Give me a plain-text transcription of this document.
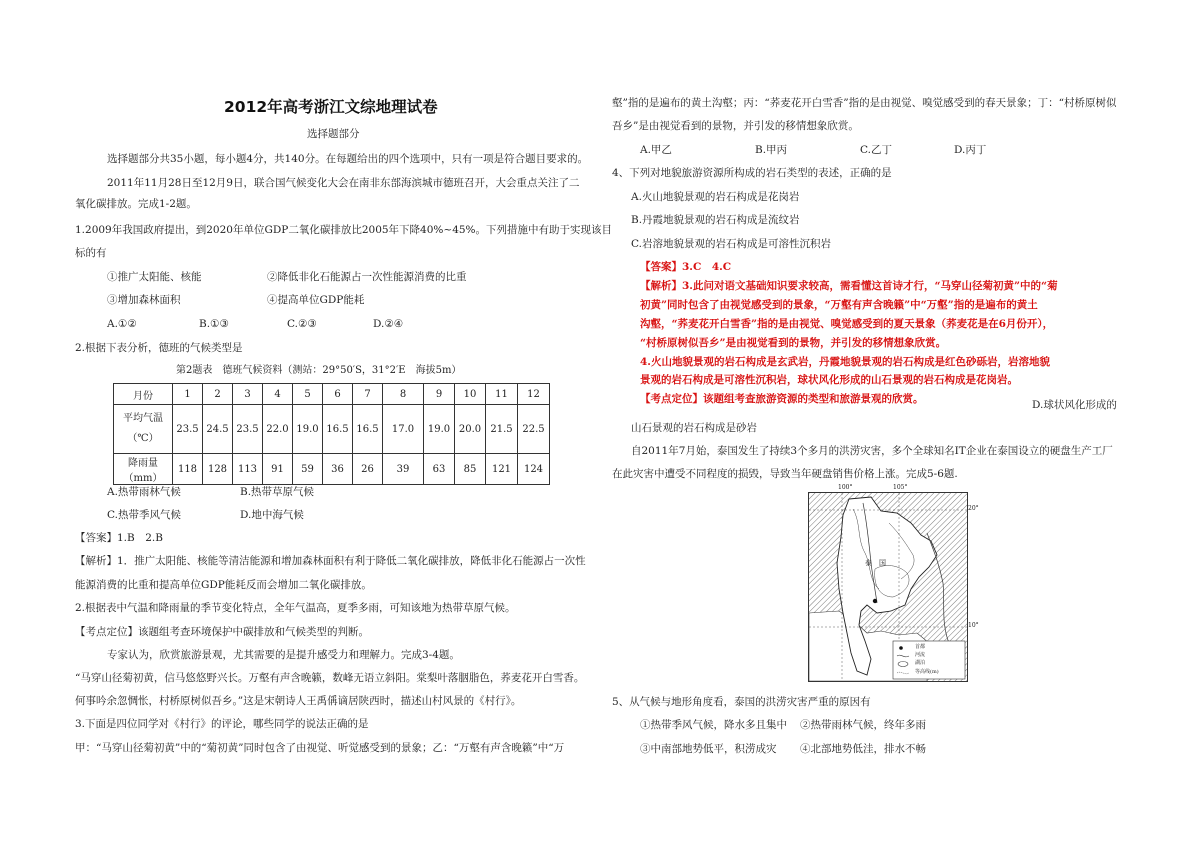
2012年高考浙江文综地理试卷
选择题部分
选择题部分共35小题，每小题4分，共140分。在每题给出的四个选项中，只有一项是符合题目要求的。
2011年11月28日至12月9日，联合国气候变化大会在南非东部海滨城市德班召开，大会重点关注了二
氧化碳排放。完成1-2题。
1.2009年我国政府提出，到2020年单位GDP二氧化碳排放比2005年下降40%~45%。下列措施中有助于实现该目
标的有
①推广太阳能、核能	②降低非化石能源占一次性能源消费的比重
③增加森林面积	④提高单位GDP能耗
A.①②	B.①③	C.②③	D.②④
2.根据下表分析，德班的气候类型是
第2题表　德班气候资料（测站：29°50′S，31°2′E　海拔5m）
月份	1	2	3	4	5	6	7	8	9	10	11	12

平均气温
（℃）	23.5	24.5	23.5	22.0	19.0	16.5	16.5	17.0	19.0	20.0	21.5	22.5
降雨量（mm）	118	128	113	91	59	36	26	39	63	85	121	124
A.热带雨林气候	B.热带草原气候
C.热带季风气候	D.地中海气候
【答案】1.B　2.B
【解析】1．推广太阳能、核能等清洁能源和增加森林面积有利于降低二氧化碳排放，降低非化石能源占一次性
能源消费的比重和提高单位GDP能耗反而会增加二氧化碳排放。
2.根据表中气温和降雨量的季节变化特点，全年气温高，夏季多雨，可知该地为热带草原气候。
【考点定位】该题组考查环境保护中碳排放和气候类型的判断。
专家认为，欣赏旅游景观，尤其需要的是提升感受力和理解力。完成3-4题。
“马穿山径菊初黄，信马悠悠野兴长。万壑有声含晚籁，数峰无语立斜阳。棠梨叶落胭脂色，荞麦花开白雪香。
何事吟余忽惆怅，村桥原树似吾乡。”这是宋朝诗人王禹偁谪居陕西时，描述山村风景的《村行》。
3.下面是四位同学对《村行》的评论，哪些同学的说法正确的是
甲：“马穿山径菊初黄”中的“菊初黄”同时包含了由视觉、听觉感受到的景象；乙：“万壑有声含晚籁”中“万
壑”指的是遍布的黄土沟壑；丙：“荞麦花开白雪香”指的是由视觉、嗅觉感受到的春天景象；丁：“村桥原树似
吾乡”是由视觉看到的景物，并引发的移情想象欣赏。
A.甲乙	B.甲丙	C.乙丁	D.丙丁
4、下列对地貌旅游资源所构成的岩石类型的表述，正确的是
A.火山地貌景观的岩石构成是花岗岩
B.丹霞地貌景观的岩石构成是流纹岩
C.岩溶地貌景观的岩石构成是可溶性沉积岩
【答案】3.C　4.C
【解析】3.此问对语文基础知识要求较高，需看懂这首诗才行，“马穿山径菊初黄”中的“菊
初黄”同时包含了由视觉感受到的景象，“万壑有声含晚籁”中“万壑”指的是遍布的黄土
沟壑，“荞麦花开白雪香”指的是由视觉、嗅觉感受到的夏天景象（荞麦花是在6月份开），
“村桥原树似吾乡”是由视觉看到的景物，并引发的移情想象欣赏。
4.火山地貌景观的岩石构成是玄武岩，丹霞地貌景观的岩石构成是红色砂砾岩，岩溶地貌
景观的岩石构成是可溶性沉积岩，球状风化形成的山石景观的岩石构成是花岗岩。
【考点定位】该题组考查旅游资源的类型和旅游景观的欣赏。	D.球状风化形成的
山石景观的岩石构成是砂岩
自2011年7月始，泰国发生了持续3个多月的洪涝灾害，多个全球知名IT企业在泰国设立的硬盘生产工厂
在此灾害中遭受不同程度的损毁，导致当年硬盘销售价格上涨。完成5-6题.
100°	105°
20°
10°
泰　国
首都
河流
湖泊
等高线(m)
5、从气候与地形角度看，泰国的洪涝灾害严重的原因有
①热带季风气候，降水多且集中 ②热带雨林气候，终年多雨
③中南部地势低平，积涝成灾 ④北部地势低洼，排水不畅
